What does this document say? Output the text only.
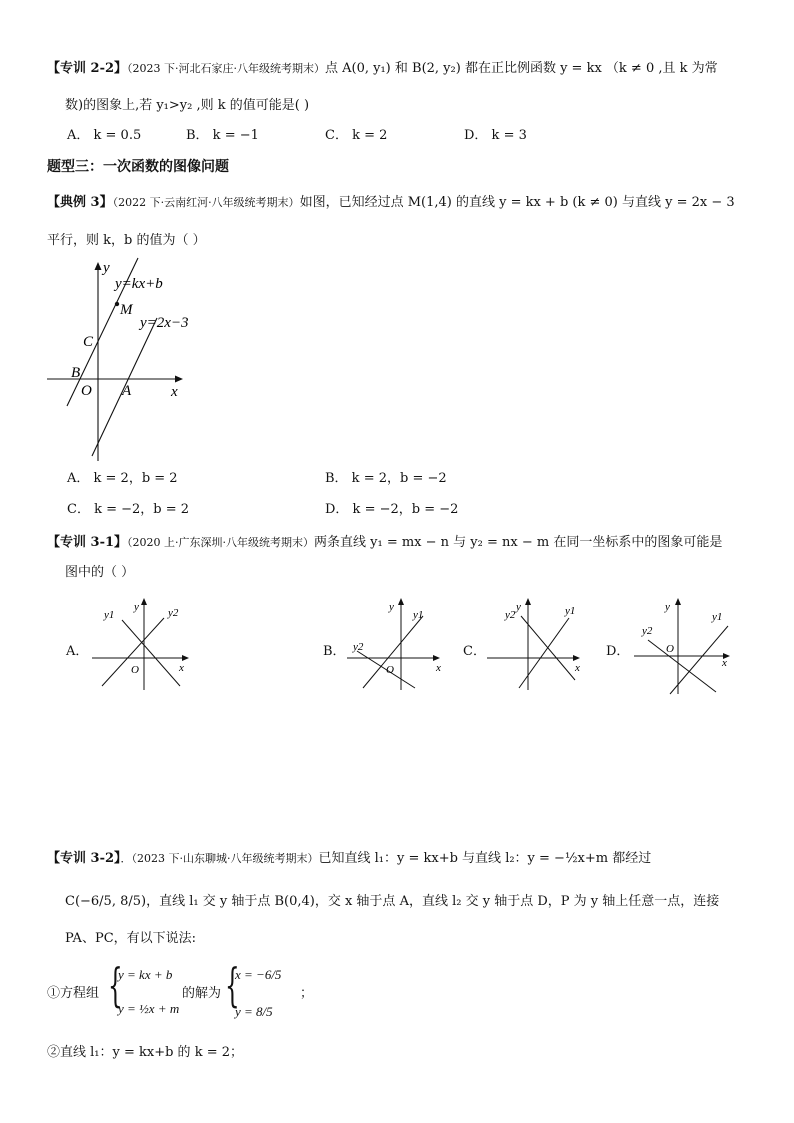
【专训 2-2】（2023 下·河北石家庄·八年级统考期末）点 A(0, y₁) 和 B(2, y₂) 都在正比例函数 y = kx （k ≠ 0 ,且 k 为常
数)的图象上,若 y₁>y₂ ,则 k 的值可能是( )
A． k = 0.5	B． k = −1	C． k = 2	D． k = 3
题型三：一次函数的图像问题
【典例 3】（2022 下·云南红河·八年级统考期末）如图，已知经过点 M(1,4) 的直线 y = kx + b (k ≠ 0) 与直线 y = 2x − 3
平行，则 k，b 的值为（ ）
y
y=kx+b
M
y=2x−3
C
B
O A	x
A． k = 2，b = 2	B． k = 2，b = −2
C． k = −2，b = 2	D． k = −2，b = −2
【专训 3-1】（2020 上·广东深圳·八年级统考期末）两条直线 y₁ = mx − n 与 y₂ = nx − m 在同一坐标系中的图象可能是
图中的（ ）
A．	B．	C．	D．
y1
y	y2
O	x
y
y1
y2
O	x
y2
y	y1
x
y
y1
y2
O
x
【专训 3-2】．（2023 下·山东聊城·八年级统考期末）已知直线 l₁：y = kx+b 与直线 l₂：y = −½x+m 都经过
C(−6/5, 8/5)，直线 l₁ 交 y 轴于点 B(0,4)，交 x 轴于点 A，直线 l₂ 交 y 轴于点 D，P 为 y 轴上任意一点，连接
PA、PC，有以下说法:
①方程组 {
y = kx + b
y = ½x + m
的解为 {
x = −6/5
y = 8/5
；
②直线 l₁：y = kx+b 的 k = 2；
